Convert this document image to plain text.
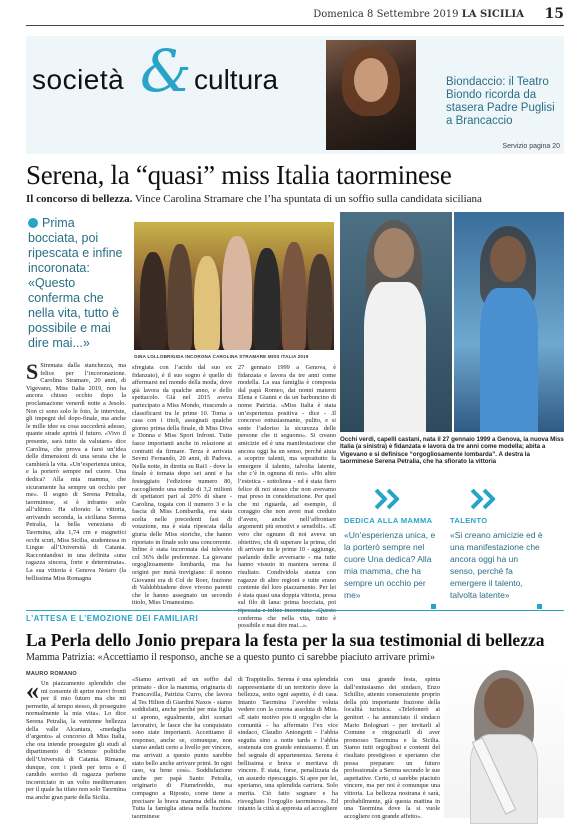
Domenica 8 Settembre 2019 LA SICILIA 15
società & cultura	Biondaccio: il Teatro Biondo ricorda da stasera Padre Puglisi a Brancaccio
Servizio pagina 20
Serena, la “quasi” miss Italia taorminese
Il concorso di bellezza. Vince Carolina Stramare che l’ha spuntata di un soffio sulla candidata siciliana
Prima bocciata, poi ripescata e infine incoronata: «Questo conferma che nella vita, tutto è possibile e mai dire mai...»
GINA LOLLOBRIGIDA INCORONA CAROLINA STRAMARE MISS ITALIA 2019
Occhi verdi, capelli castani, nata il 27 gennaio 1999 a Genova, la nuova Miss Italia (a sinistra) è fidanzata e lavora da tre anni come modella; abita a Vigevano e si definisce “orgogliosamente lombarda”. A destra la taorminese Serena Petralia, che ha sfiorato la vittoria
S Stremata dalla stanchezza, ma felice per l’incoronazione. Carolina Stramare, 20 anni, di Vigevano, Miss Italia 2019, non ha ancora chiuso occhio dopo la proclamazione venerdì notte a Jesolo. Non ci sono solo le foto, le interviste, gli impegni del dopo-finale, ma anche le mille idee su cosa succederà adesso, quante strade aprirà il futuro. «Vivo il presente, sarà tutto da valutare» dice Carolina, che prova a farsi un’idea delle dimensioni di una serata che le cambierà la vita. «Un’esperienza unica, e la porterò sempre nel cuore. Una dedica? Alla mia mamma, che sicuramente ha sempre un occhio per me». Il sogno di Serena Petralia, taorminese, si è infranto solo all’ultimo. Ha sfiorato la vittoria, arrivando seconda, la siciliana Serena Petralia, la bella veneziana di Taormina, alta 1,74 cm e magnetici occhi scuri, Miss Sicilia, studentessa in Lingue all’Università di Catania. Raccontandosi in una definita «una ragazza sincera, forte e determinata». La sua vittoria è Genova Notaro (la bellissima Miss Romagna
sfregiata con l’acido dal suo ex fidanzato), è il suo sogno è quello di affermarsi nel mondo della moda, dove già lavora da qualche anno, e dello spettacolo. Già nel 2015 aveva partecipato a Miss Mondo, riuscendo a classificarsi tra le prime 10. Torna a casa con i titoli, assegnati qualche giorno prima della finale, di Miss Diva e Donna e Miss Sport Infront. Tutte fasce importanti anche in relazione ai contratti da firmare. Terza è arrivata Sevmi Fernando, 20 anni, di Padova. Nella notte, in diretta su Rai1 - dove la finale è tornata dopo sei anni e ha festeggiato l’edizione numero 80, raccogliendo una media di 3,2 milioni di spettatori pari al 20% di share - Carolina, togata con il numero 3 e la fascia di Miss Lombardia, era stata scelta nelle precedenti fasi di votazione, ma è stata ripescata dalla giuria delle Miss storiche, che hanno riportato in finale solo una concorrente. Infine è stata incoronata dal televoto col 36% delle preferenze. La giovane orgogliosamente lombarda, ma ha origini per metà trevigiane: il nonno Giovanni era di Col de Roer, frazione di Valdobbiadene dove vivono parenti che le hanno assegnato un secondo titolo, Miss Umanesimo.
27 gennaio 1999 a Genova, è fidanzata e lavora da tre anni come modella. La sua famiglia è composta dal papà Romeo, dai nonni materni Elena e Gianni e da un barboncino di nome Patrizia. «Miss Italia è stata un’esperienza positiva - dice - .Il concorso entusiasmante, pulito, e si sente l’adoriso la sicurezza delle persone che ti seguono». Si creano amicizie ed è una manifestazione che ancora oggi ha un senso, perché aiuta a scoprire talenti, ma soprattutto fa emergere il talento, talvolta latente, che c’è in ognuna di noi». «Ho altre l’estetica - sottolinea - ed è stata fiero felice di noi stesso che non avevamo mai preso in considerazione. Per quel che mi riguarda, ad esempio, il coraggio che non avrei mai creduto d’avere, anche nell’affrontare argomenti più emotivi e sensibili». «E vero che ognuno di noi aveva un obiettivo, chi di superare la prima, chi di arrivare tra le prime 10 - aggiunge, parlando delle avversarie - ma tutte hanno vissuto in maniera serena il risultato. Condividola stanza con ragazze di altre regioni e tutte erano contente del loro piazzamento. Per lei è stata quasi una doppia vittoria, presa sul filo di lana: prima bocciata, poi ripescata e infine incoronata: «Questo conferma che nella vita, tutto è possibile e mai dire mai...».
DEDICA ALLA MAMMA
«Un’esperienza unica, e la porterò sempre nel cuore Una dedica? Alla mia mamma, che ha sempre un occhio per me»
TALENTO
«Si creano amicizie ed è una manifestazione che ancora oggi ha un senso, perché fa emergere il talento, talvolta latente»
L’ATTESA E L’EMOZIONE DEI FAMILIARI
La Perla dello Jonio prepara la festa per la sua testimonial di bellezza
Mamma Patrizia: «Accettiamo il responso, anche se a questo punto ci sarebbe piaciuto arrivare primi»
MAURO ROMANO
« Un piazzamento splendido che mi consente di aprire nuovi fronti per il mio futuro ma che mi permette, al tempo stesso, di proseguire normalmente la mia vita». Lo dice Serena Petralia, la ventenne bellezza della valle Alcantara, «medaglia d’argento» al concorso di Miss Italia, che ora intende proseguire gli studi al dipartimento di Scienze politiche dell’Università di Catania. Rimane, dunque, con i piedi per terra e il candido sorriso di ragazza perbene incorniciato in un volto mediterraneo per il quale ha tifato non solo Taormina ma anche gran parte della Sicilia.
«Siamo arrivati ad un soffio dal primato - dice la mamma, originaria di Francavilla, Patrizia Curro, che lavora al Tes Hilton di Giardini Naxos - siamo soddisfatti, anche perché per mia figlia si aprono, egualmente, altri scenari lavorativi, le fasce che ha conquistato sono state importanti. Accettiamo il responso, anche se, comunque, non siamo andati certo a livello per vincere, ma arrivati a questo punto sarebbe stato bello anche arrivare primi. In ogni caso, va bene così». Soddisfazione anche per papà Santo Petralia, originario di Fiumefreddo, ma compagno a Riposto, come tiene a precisare la brava mamma della miss. Tutta la famiglia attesa nella frazione taorminese
di Trappitello. Serena è una splendida rappresentante di un territorio dove la bellezza, sotto ogni aspetto, è di casa. Intanto Taormina l’avrebbe voluta vedere con la corona assoluta di Miss. «È stato motivo pos ti orgoglio che la comunità - ha affermato l’ex vice sindaco, Claudio Antongetti - l’abbia seguita sino a notte tarda e l’abbia sostenuta con grande entusiasmo. È un bel segnale di appartenenza. Serena è bellissima e brava e meritava di vincere. È stata, forse, penalizzata da un assurdo ripescaggio. Si apre per lei, speriamo, una splendida carriera. Solo merita. Ciò fatto sognare e ha risvegliato l’orgoglio taorminese». Ed intanto la città si appresta ad accogliere
con una grande festa, spinta dall’entusiasmo dei sindaco, Enzo Schillio, attento consenziente proprio della più importante frazione della località turistica. «Telefonerò ai genitori - ha annunciato il sindaco Mario Bolognari - per invitarli al Comune e ringraziarli di aver promosso Taormina e la Sicilia. Siamo tutti orgogliosi e contenti del risultato prestigioso e speriamo che possa preparare un futuro professionale a Serena secondo le sue aspettative. Certo, ci sarebbe piaciuto vincere, ma per noi è comunque una vittoria. La bellezza nostrana è sarà, probabilmente, già questa mattina in una Taormina dove la si vuole accogliere con grande affetto».
